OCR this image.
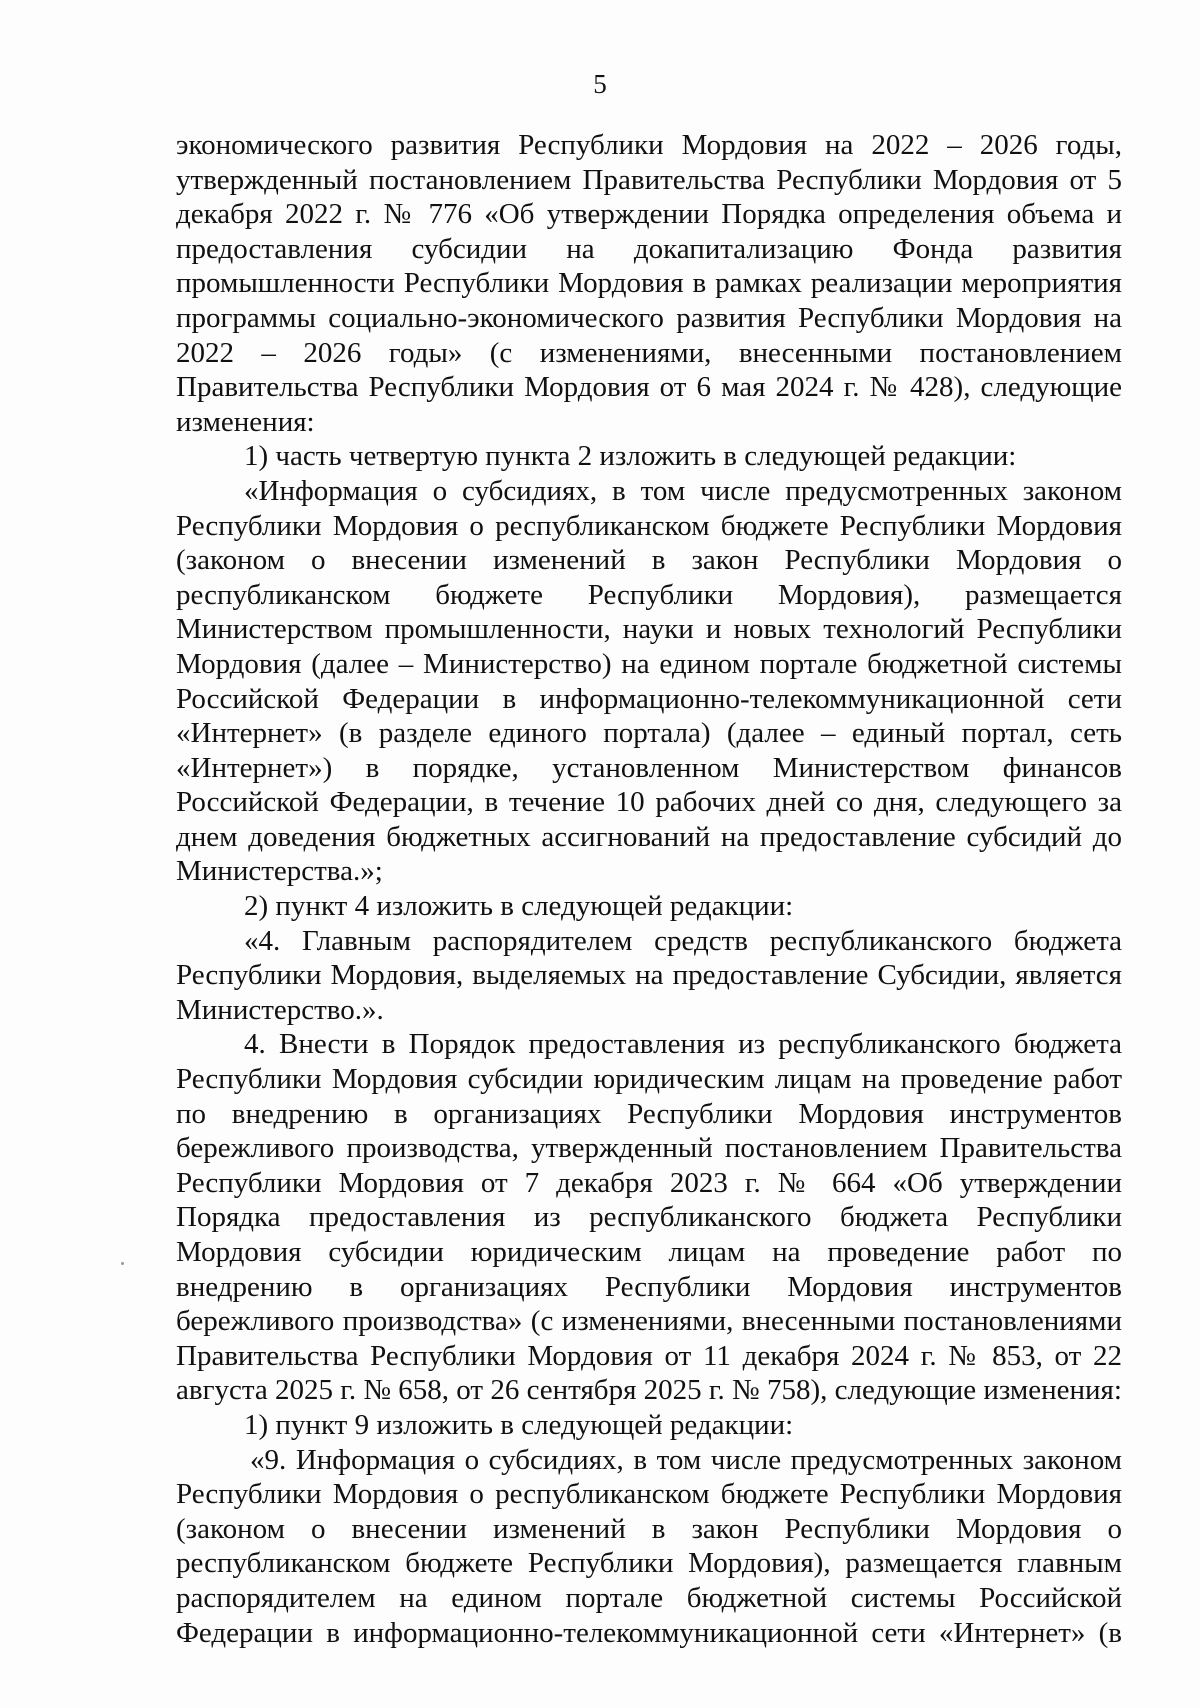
5

экономического развития Республики Мордовия на 2022 – 2026 годы, утвержденный постановлением Правительства Республики Мордовия от 5 декабря 2022 г. № 776 «Об утверждении Порядка определения объема и предоставления субсидии на докапитализацию Фонда развития промышленности Республики Мордовия в рамках реализации мероприятия программы социально-экономического развития Республики Мордовия на 2022 – 2026 годы» (с изменениями, внесенными постановлением Правительства Республики Мордовия от 6 мая 2024 г. № 428), следующие изменения:

1) часть четвертую пункта 2 изложить в следующей редакции:

«Информация о субсидиях, в том числе предусмотренных законом Республики Мордовия о республиканском бюджете Республики Мордовия (законом о внесении изменений в закон Республики Мордовия о республиканском бюджете Республики Мордовия), размещается Министерством промышленности, науки и новых технологий Республики Мордовия (далее – Министерство) на едином портале бюджетной системы Российской Федерации в информационно-телекоммуникационной сети «Интернет» (в разделе единого портала) (далее – единый портал, сеть «Интернет») в порядке, установленном Министерством финансов Российской Федерации, в течение 10 рабочих дней со дня, следующего за днем доведения бюджетных ассигнований на предоставление субсидий до Министерства.»;

2) пункт 4 изложить в следующей редакции:

«4. Главным распорядителем средств республиканского бюджета Республики Мордовия, выделяемых на предоставление Субсидии, является Министерство.».

4. Внести в Порядок предоставления из республиканского бюджета Республики Мордовия субсидии юридическим лицам на проведение работ по внедрению в организациях Республики Мордовия инструментов бережливого производства, утвержденный постановлением Правительства Республики Мордовия от 7 декабря 2023 г. № 664 «Об утверждении Порядка предоставления из республиканского бюджета Республики Мордовия субсидии юридическим лицам на проведение работ по внедрению в организациях Республики Мордовия инструментов бережливого производства» (с изменениями, внесенными постановлениями Правительства Республики Мордовия от 11 декабря 2024 г. № 853, от 22 августа 2025 г. № 658, от 26 сентября 2025 г. № 758), следующие изменения:

1) пункт 9 изложить в следующей редакции:

«9. Информация о субсидиях, в том числе предусмотренных законом Республики Мордовия о республиканском бюджете Республики Мордовия (законом о внесении изменений в закон Республики Мордовия о республиканском бюджете Республики Мордовия), размещается главным распорядителем на едином портале бюджетной системы Российской Федерации в информационно-телекоммуникационной сети «Интернет» (в
